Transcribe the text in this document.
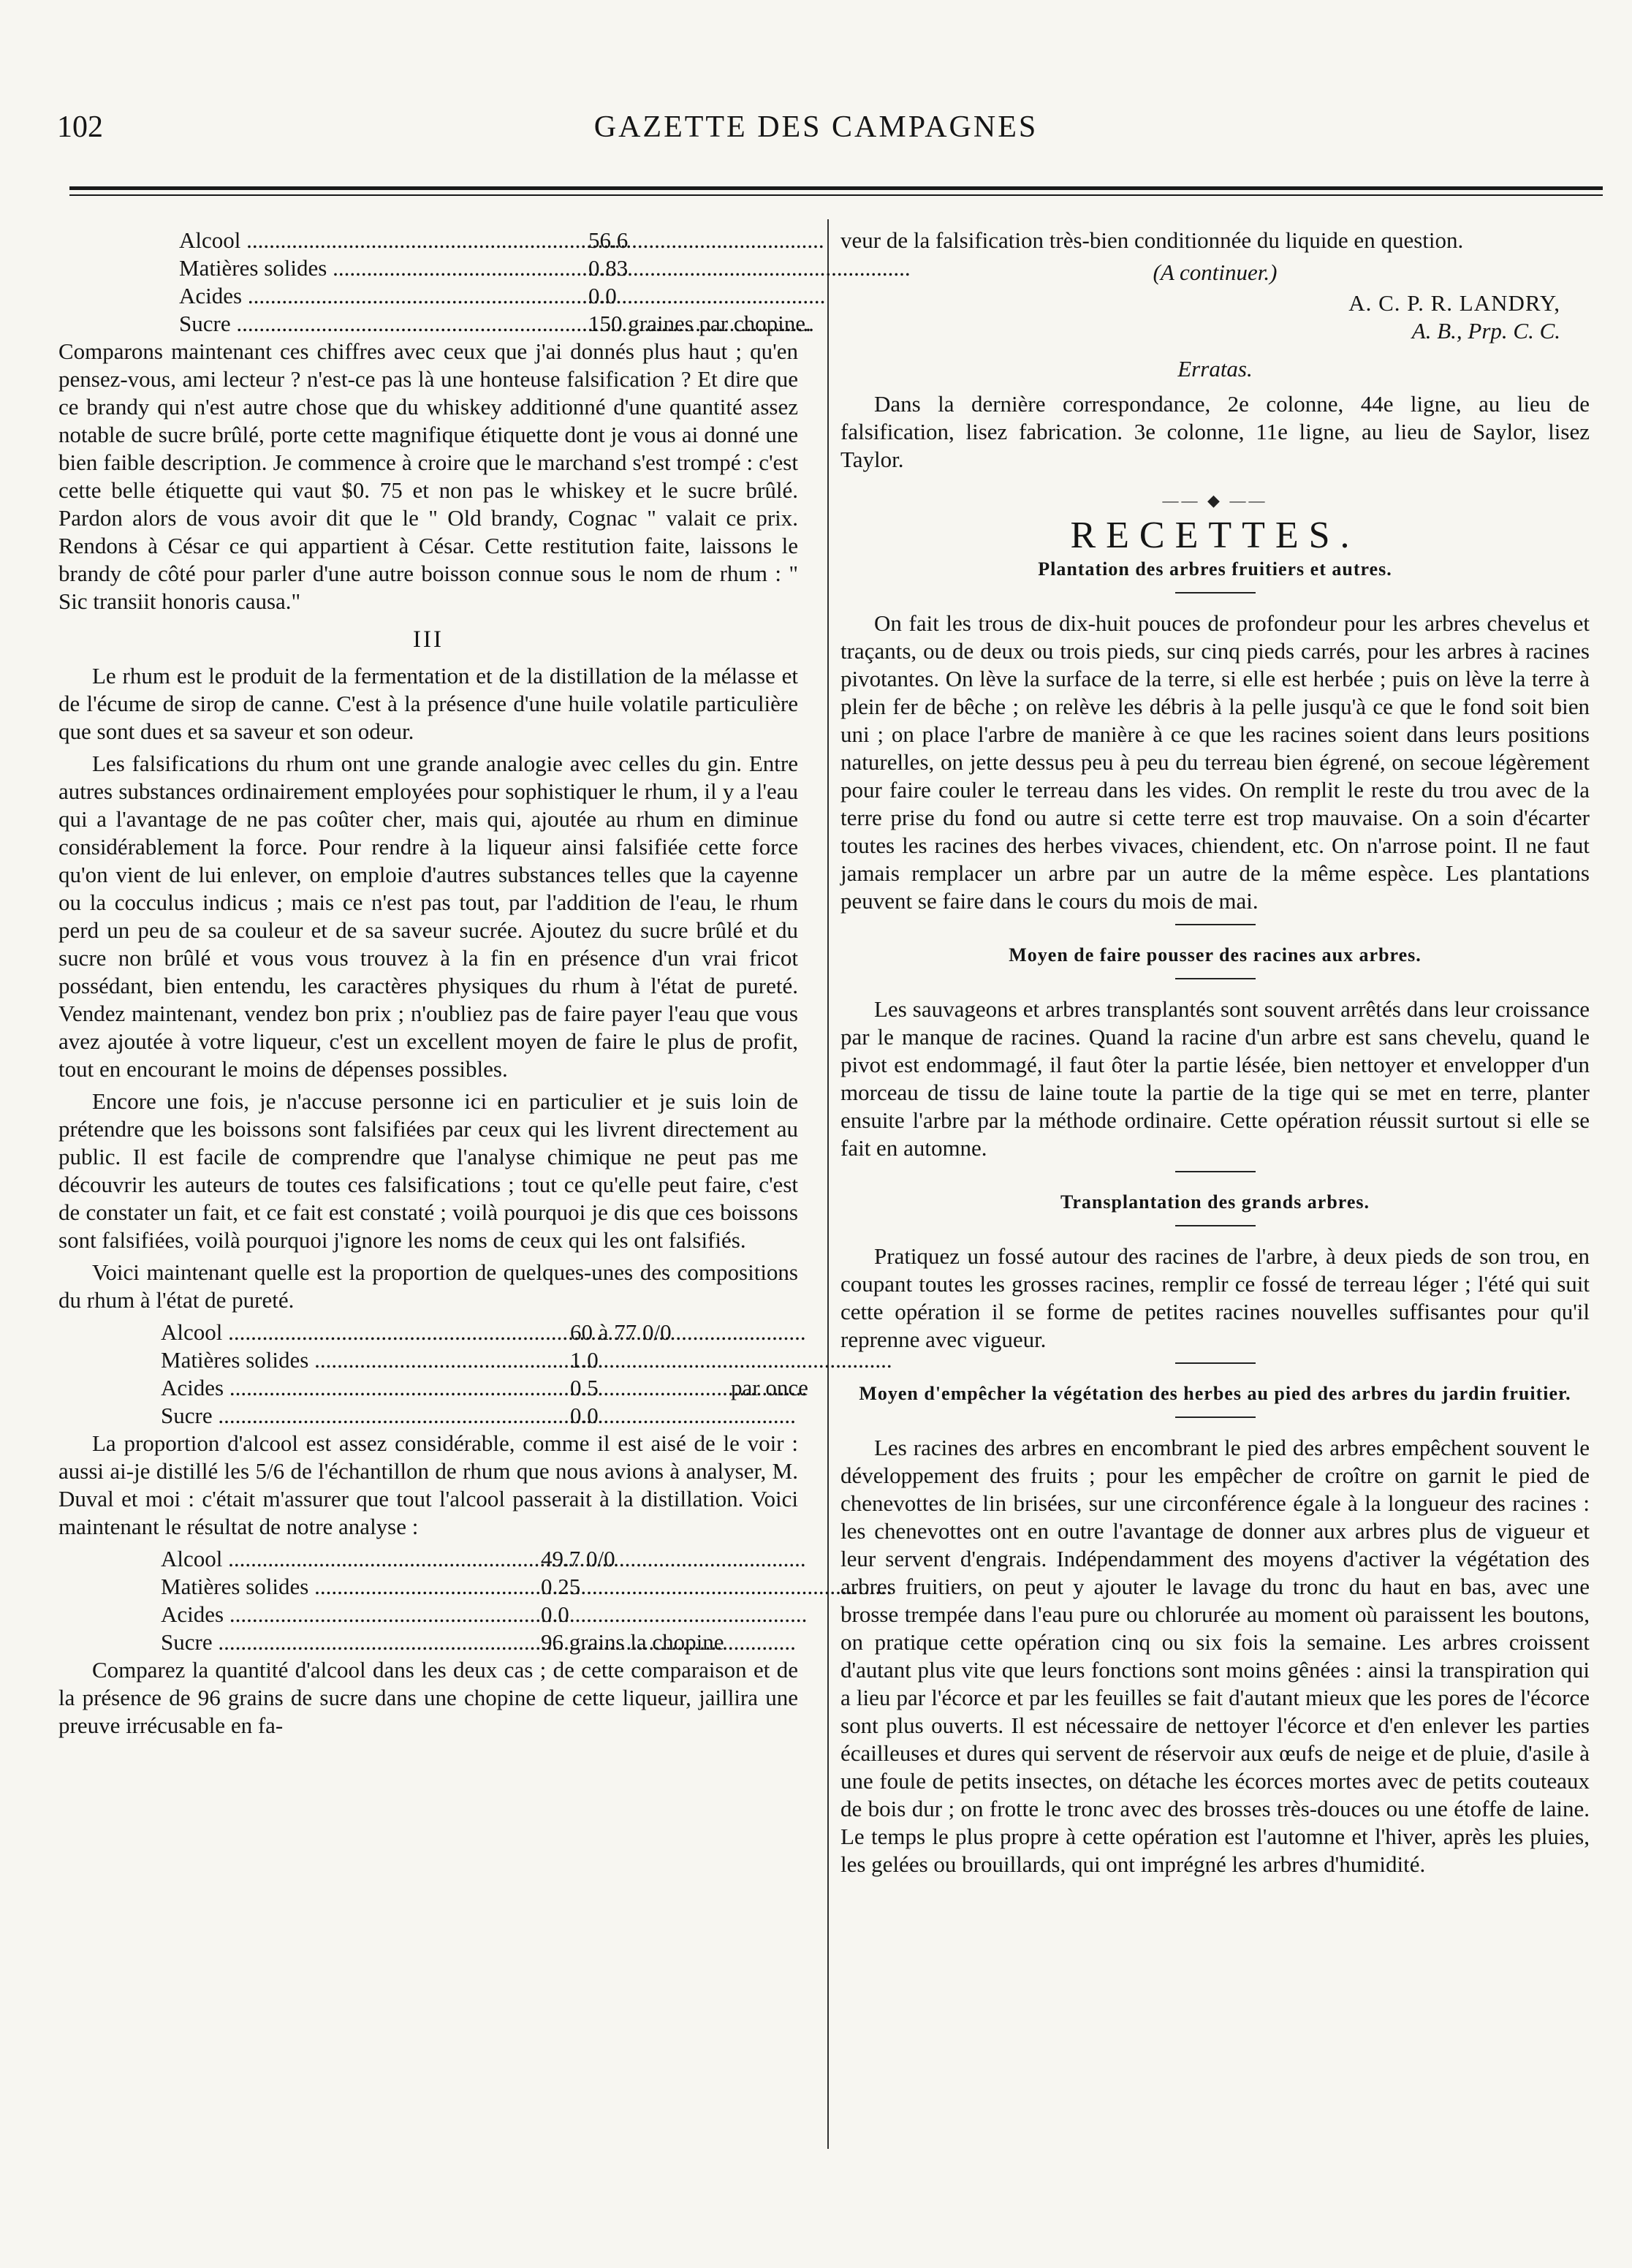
102	GAZETTE DES CAMPAGNES
Alcool .....	56.6
Matières solides .....	0.83
Acides .....	0.0
Sucre .....	150 graines par chopine.

Comparons maintenant ces chiffres avec ceux que j'ai donnés plus haut ; qu'en pensez-vous, ami lecteur ? n'est-ce pas là une honteuse falsification ? Et dire que ce brandy qui n'est autre chose que du whiskey additionné d'une quantité assez notable de sucre brûlé, porte cette magnifique étiquette dont je vous ai donné une bien faible description. Je commence à croire que le marchand s'est trompé : c'est cette belle étiquette qui vaut $0. 75 et non pas le whiskey et le sucre brûlé. Pardon alors de vous avoir dit que le " Old brandy, Cognac " valait ce prix. Rendons à César ce qui appartient à César. Cette restitution faite, laissons le brandy de côté pour parler d'une autre boisson connue sous le nom de rhum : " Sic transiit honoris causa."

III

Le rhum est le produit de la fermentation et de la distillation de la mélasse et de l'écume de sirop de canne. C'est à la présence d'une huile volatile particulière que sont dues et sa saveur et son odeur.

Les falsifications du rhum ont une grande analogie avec celles du gin. Entre autres substances ordinairement employées pour sophistiquer le rhum, il y a l'eau qui a l'avantage de ne pas coûter cher, mais qui, ajoutée au rhum en diminue considérablement la force. Pour rendre à la liqueur ainsi falsifiée cette force qu'on vient de lui enlever, on emploie d'autres substances telles que la cayenne ou la cocculus indicus ; mais ce n'est pas tout, par l'addition de l'eau, le rhum perd un peu de sa couleur et de sa saveur sucrée. Ajoutez du sucre brûlé et du sucre non brûlé et vous vous trouvez à la fin en présence d'un vrai fricot possédant, bien entendu, les caractères physiques du rhum à l'état de pureté. Vendez maintenant, vendez bon prix ; n'oubliez pas de faire payer l'eau que vous avez ajoutée à votre liqueur, c'est un excellent moyen de faire le plus de profit, tout en encourant le moins de dépenses possibles.

Encore une fois, je n'accuse personne ici en particulier et je suis loin de prétendre que les boissons sont falsifiées par ceux qui les livrent directement au public. Il est facile de comprendre que l'analyse chimique ne peut pas me découvrir les auteurs de toutes ces falsifications ; tout ce qu'elle peut faire, c'est de constater un fait, et ce fait est constaté ; voilà pourquoi je dis que ces boissons sont falsifiées, voilà pourquoi j'ignore les noms de ceux qui les ont falsifiés.

Voici maintenant quelle est la proportion de quelques-unes des compositions du rhum à l'état de pureté.

Alcool .....	60 à 77 0/0
Matières solides .....	1.0
Acides .....	0.5	par once
Sucre .....	0.0

La proportion d'alcool est assez considérable, comme il est aisé de le voir : aussi ai-je distillé les 5/6 de l'échantillon de rhum que nous avions à analyser, M. Duval et moi : c'était m'assurer que tout l'alcool passerait à la distillation. Voici maintenant le résultat de notre analyse :

Alcool .....	49.7 0/0
Matières solides .....	0.25
Acides .....	0.0
Sucre .....	96 grains la chopine

Comparez la quantité d'alcool dans les deux cas ; de cette comparaison et de la présence de 96 grains de sucre dans une chopine de cette liqueur, jaillira une preuve irrécusable en fa-

veur de la falsification très-bien conditionnée du liquide en question.

(A continuer.)
A. C. P. R. LANDRY,
A. B., Prp. C. C.
Erratas.

Dans la dernière correspondance, 2e colonne, 44e ligne, au lieu de falsification, lisez fabrication. 3e colonne, 11e ligne, au lieu de Saylor, lisez Taylor.

—— ◆ ——
RECETTES.
Plantation des arbres fruitiers et autres.

On fait les trous de dix-huit pouces de profondeur pour les arbres chevelus et traçants, ou de deux ou trois pieds, sur cinq pieds carrés, pour les arbres à racines pivotantes. On lève la surface de la terre, si elle est herbée ; puis on lève la terre à plein fer de bêche ; on relève les débris à la pelle jusqu'à ce que le fond soit bien uni ; on place l'arbre de manière à ce que les racines soient dans leurs positions naturelles, on jette dessus peu à peu du terreau bien égrené, on secoue légèrement pour faire couler le terreau dans les vides. On remplit le reste du trou avec de la terre prise du fond ou autre si cette terre est trop mauvaise. On a soin d'écarter toutes les racines des herbes vivaces, chiendent, etc. On n'arrose point. Il ne faut jamais remplacer un arbre par un autre de la même espèce. Les plantations peuvent se faire dans le cours du mois de mai.

Moyen de faire pousser des racines aux arbres.

Les sauvageons et arbres transplantés sont souvent arrêtés dans leur croissance par le manque de racines. Quand la racine d'un arbre est sans chevelu, quand le pivot est endommagé, il faut ôter la partie lésée, bien nettoyer et envelopper d'un morceau de tissu de laine toute la partie de la tige qui se met en terre, planter ensuite l'arbre par la méthode ordinaire. Cette opération réussit surtout si elle se fait en automne.

Transplantation des grands arbres.

Pratiquez un fossé autour des racines de l'arbre, à deux pieds de son trou, en coupant toutes les grosses racines, remplir ce fossé de terreau léger ; l'été qui suit cette opération il se forme de petites racines nouvelles suffisantes pour qu'il reprenne avec vigueur.

Moyen d'empêcher la végétation des herbes au pied des arbres du jardin fruitier.

Les racines des arbres en encombrant le pied des arbres empêchent souvent le développement des fruits ; pour les empêcher de croître on garnit le pied de chenevottes de lin brisées, sur une circonférence égale à la longueur des racines : les chenevottes ont en outre l'avantage de donner aux arbres plus de vigueur et leur servent d'engrais. Indépendamment des moyens d'activer la végétation des arbres fruitiers, on peut y ajouter le lavage du tronc du haut en bas, avec une brosse trempée dans l'eau pure ou chlorurée au moment où paraissent les boutons, on pratique cette opération cinq ou six fois la semaine. Les arbres croissent d'autant plus vite que leurs fonctions sont moins gênées : ainsi la transpiration qui a lieu par l'écorce et par les feuilles se fait d'autant mieux que les pores de l'écorce sont plus ouverts. Il est nécessaire de nettoyer l'écorce et d'en enlever les parties écailleuses et dures qui servent de réservoir aux œufs de neige et de pluie, d'asile à une foule de petits insectes, on détache les écorces mortes avec de petits couteaux de bois dur ; on frotte le tronc avec des brosses très-douces ou une étoffe de laine. Le temps le plus propre à cette opération est l'automne et l'hiver, après les pluies, les gelées ou brouillards, qui ont imprégné les arbres d'humidité.
